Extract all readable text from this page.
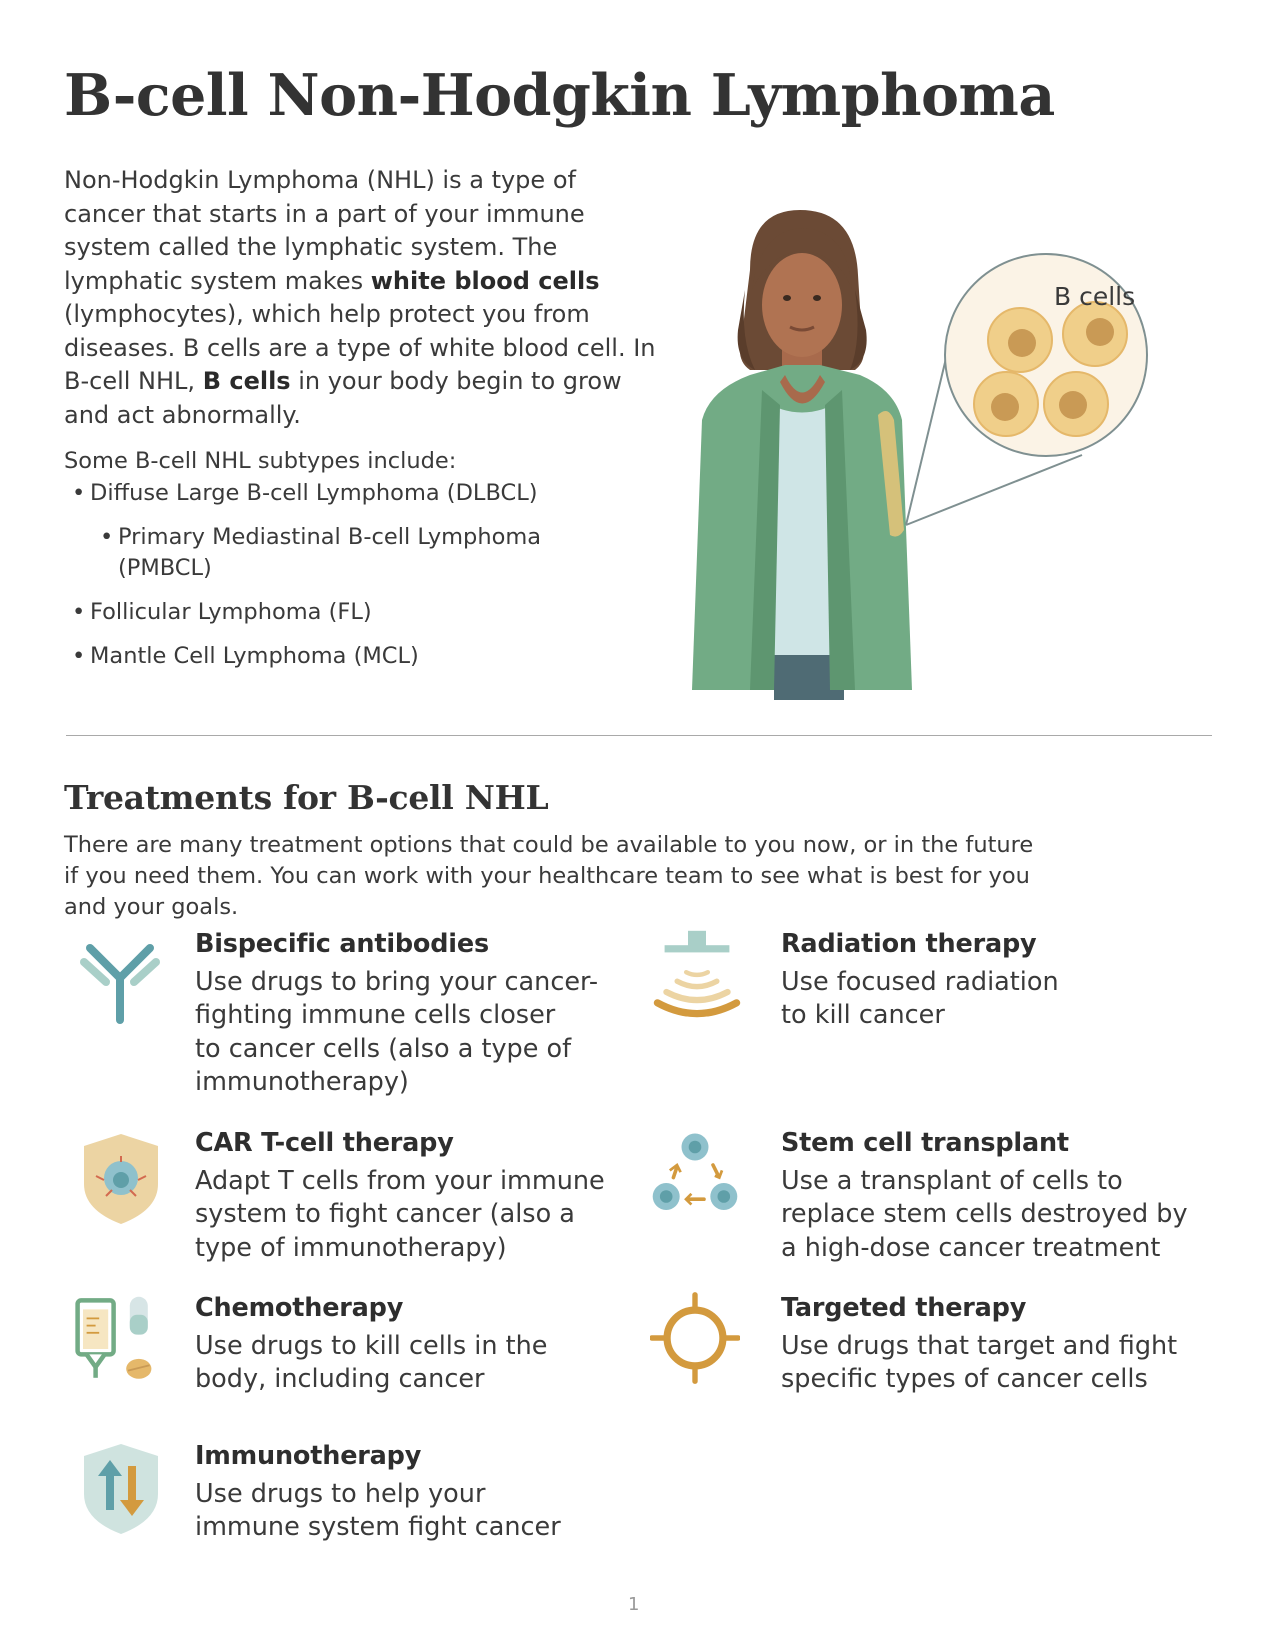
B-cell Non-Hodgkin Lymphoma
Non-Hodgkin Lymphoma (NHL) is a type of cancer that starts in a part of your immune system called the lymphatic system. The lymphatic system makes white blood cells (lymphocytes), which help protect you from diseases. B cells are a type of white blood cell. In B-cell NHL, B cells in your body begin to grow and act abnormally.
Some B-cell NHL subtypes include:
• Diffuse Large B-cell Lymphoma (DLBCL)
• Primary Mediastinal B-cell Lymphoma
(PMBCL)
• Follicular Lymphoma (FL)
• Mantle Cell Lymphoma (MCL)
B cells
Treatments for B-cell NHL
There are many treatment options that could be available to you now, or in the future if you need them. You can work with your healthcare team to see what is best for you and your goals.
Bispecific antibodies
Use drugs to bring your cancer-
fighting immune cells closer
to cancer cells (also a type of
immunotherapy)
Radiation therapy
Use focused radiation
to kill cancer
CAR T-cell therapy
Adapt T cells from your immune
system to fight cancer (also a
type of immunotherapy)
Stem cell transplant
Use a transplant of cells to
replace stem cells destroyed by
a high-dose cancer treatment
Chemotherapy
Use drugs to kill cells in the
body, including cancer
Targeted therapy
Use drugs that target and fight
specific types of cancer cells
Immunotherapy
Use drugs to help your
immune system fight cancer
1
